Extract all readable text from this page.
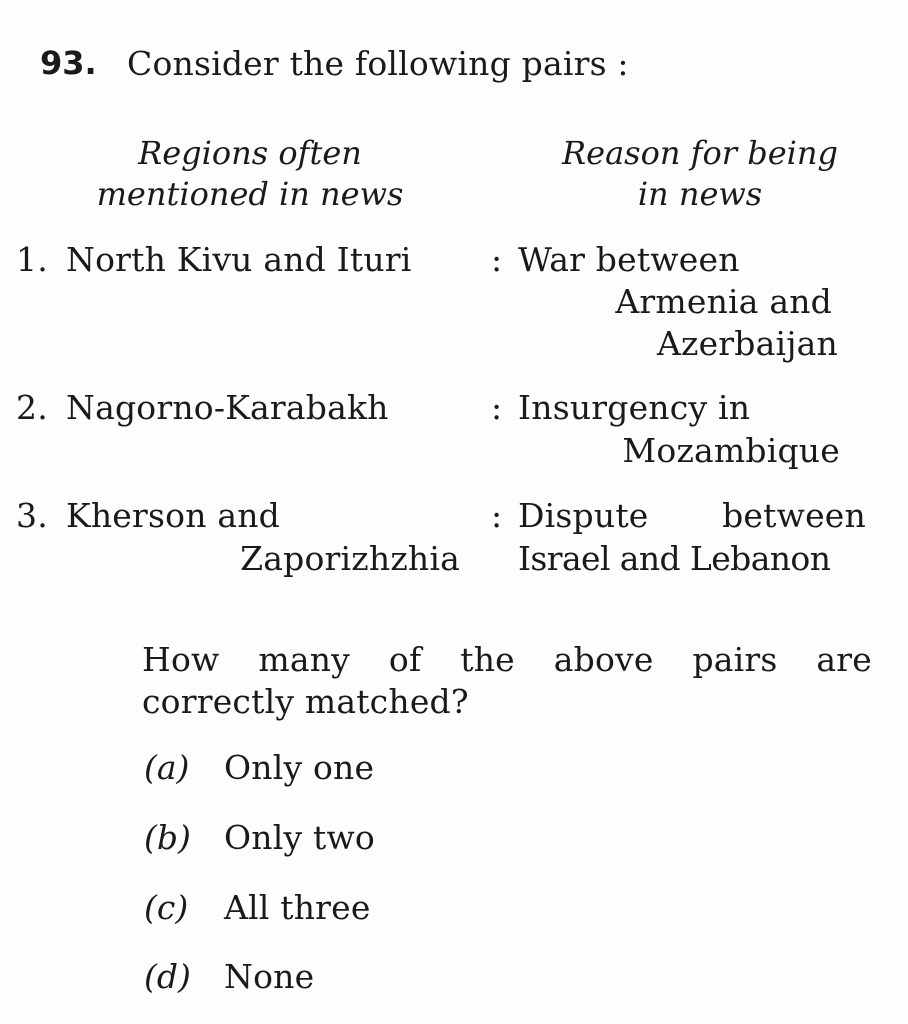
93. Consider the following pairs :
Regions often
mentioned in news
Reason for being
in news
1. North Kivu and Ituri : War between
Armenia and
Azerbaijan
2. Nagorno-Karabakh	: Insurgency in
Mozambique
3. Kherson and
Zaporizhzhia
: Dispute between
Israel and Lebanon
How many of the above pairs are
correctly matched?
(a) Only one
(b) Only two
(c) All three
(d) None
